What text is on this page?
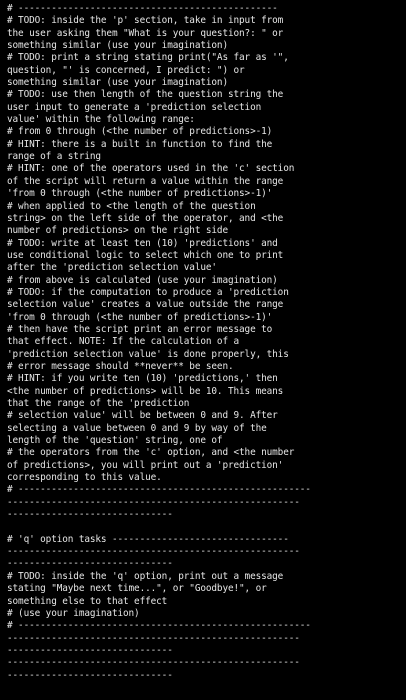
# -----------------------------------------------
# TODO: inside the 'p' section, take in input from
the user asking them "What is your question?: " or
something similar (use your imagination)
# TODO: print a string stating print("As far as '",
question, "' is concerned, I predict: ") or
something similar (use your imagination)
# TODO: use then length of the question string the
user input to generate a 'prediction selection
value' within the following range:
# from 0 through (<the number of predictions>-1)
# HINT: there is a built in function to find the
range of a string
# HINT: one of the operators used in the 'c' section
of the script will return a value within the range
'from 0 through (<the number of predictions>-1)'
# when applied to <the length of the question
string> on the left side of the operator, and <the
number of predictions> on the right side
# TODO: write at least ten (10) 'predictions' and
use conditional logic to select which one to print
after the 'prediction selection value'
# from above is calculated (use your imagination)
# TODO: if the computation to produce a 'prediction
selection value' creates a value outside the range
'from 0 through (<the number of predictions>-1)'
# then have the script print an error message to
that effect. NOTE: If the calculation of a
'prediction selection value' is done properly, this
# error message should **never** be seen.
# HINT: if you write ten (10) 'predictions,' then
<the number of predictions> will be 10. This means
that the range of the 'prediction
# selection value' will be between 0 and 9. After
selecting a value between 0 and 9 by way of the
length of the 'question' string, one of
# the operators from the 'c' option, and <the number
of predictions>, you will print out a 'prediction'
corresponding to this value.
# -----------------------------------------------------
-----------------------------------------------------
------------------------------
# 'q' option tasks --------------------------------
-----------------------------------------------------
------------------------------
# TODO: inside the 'q' option, print out a message
stating "Maybe next time...", or "Goodbye!", or
something else to that effect
# (use your imagination)
# -----------------------------------------------------
-----------------------------------------------------
------------------------------
-----------------------------------------------------
------------------------------
